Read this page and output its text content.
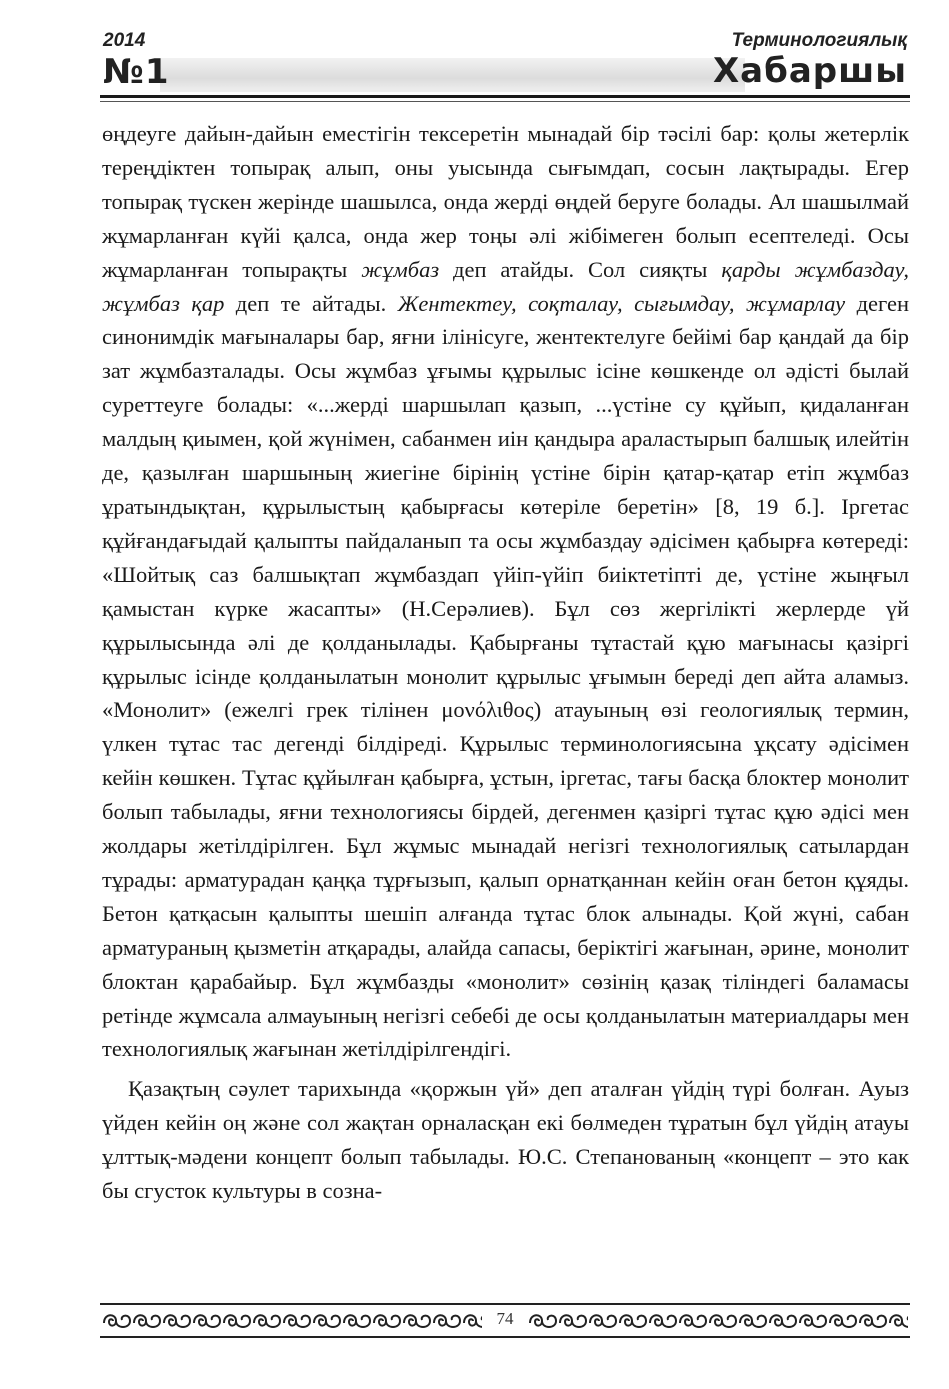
2014
№1
Терминологиялық
Хабаршы

өңдеуге дайын-дайын еместігін тексеретін мынадай бір тәсілі бар: қолы жетерлік тереңдіктен топырақ алып, оны уысында сығымдап, сосын лақтырады. Егер топырақ түскен жерінде шашылса, онда жерді өңдей беруге болады. Ал шашылмай жұмарланған күйі қалса, онда жер тоңы әлі жібімеген болып есептеледі. Осы жұмарланған топырақты жұмбаз деп атайды. Сол сияқты қарды жұмбаздау, жұмбаз қар деп те айтады. Жентектеу, соқталау, сығымдау, жұмарлау деген синонимдік мағыналары бар, яғни ілінісуге, жентектелуге бейімі бар қандай да бір зат жұмбазталады. Осы жұмбаз ұғымы құрылыс ісіне көшкенде ол әдісті былай суреттеуге болады: «...жерді шаршылап қазып, ...үстіне су құйып, қидаланған малдың қиымен, қой жүнімен, сабанмен иін қандыра араластырып балшық илейтін де, қазылған шаршының жиегіне бірінің үстіне бірін қатар-қатар етіп жұмбаз ұратындықтан, құрылыстың қабырғасы көтеріле беретін» [8, 19 б.]. Іргетас құйғандағыдай қалыпты пайдаланып та осы жұмбаздау әдісімен қабырға көтереді: «Шойтық саз балшықтап жұмбаздап үйіп-үйіп биіктетіпті де, үстіне жыңғыл қамыстан күрке жасапты» (Н.Серәлиев). Бұл сөз жергілікті жерлерде үй құрылысында әлі де қолданылады. Қабырғаны тұтастай құю мағынасы қазіргі құрылыс ісінде қолданылатын монолит құрылыс ұғымын береді деп айта аламыз. «Монолит» (ежелгі грек тілінен μονόλιθος) атауының өзі геологиялық термин, үлкен тұтас тас дегенді білдіреді. Құрылыс терминологиясына ұқсату әдісімен кейін көшкен. Тұтас құйылған қабырға, ұстын, іргетас, тағы басқа блоктер монолит болып табылады, яғни технологиясы бірдей, дегенмен қазіргі тұтас құю әдісі мен жолдары жетілдірілген. Бұл жұмыс мынадай негізгі технологиялық сатылардан тұрады: арматурадан қаңқа тұрғызып, қалып орнатқаннан кейін оған бетон құяды. Бетон қатқасын қалыпты шешіп алғанда тұтас блок алынады. Қой жүні, сабан арматураның қызметін атқарады, алайда сапасы, беріктігі жағынан, әрине, монолит блоктан қарабайыр. Бұл жұмбазды «монолит» сөзінің қазақ тіліндегі баламасы ретінде жұмсала алмауының негізгі себебі де осы қолданылатын материалдары мен технологиялық жағынан жетілдірілгендігі.

Қазақтың сәулет тарихында «қоржын үй» деп аталған үйдің түрі болған. Ауыз үйден кейін оң және сол жақтан орналасқан екі бөлмеден тұратын бұл үйдің атауы ұлттық-мәдени концепт болып табылады. Ю.С. Степанованың «концепт – это как бы сгусток культуры в созна-

74
